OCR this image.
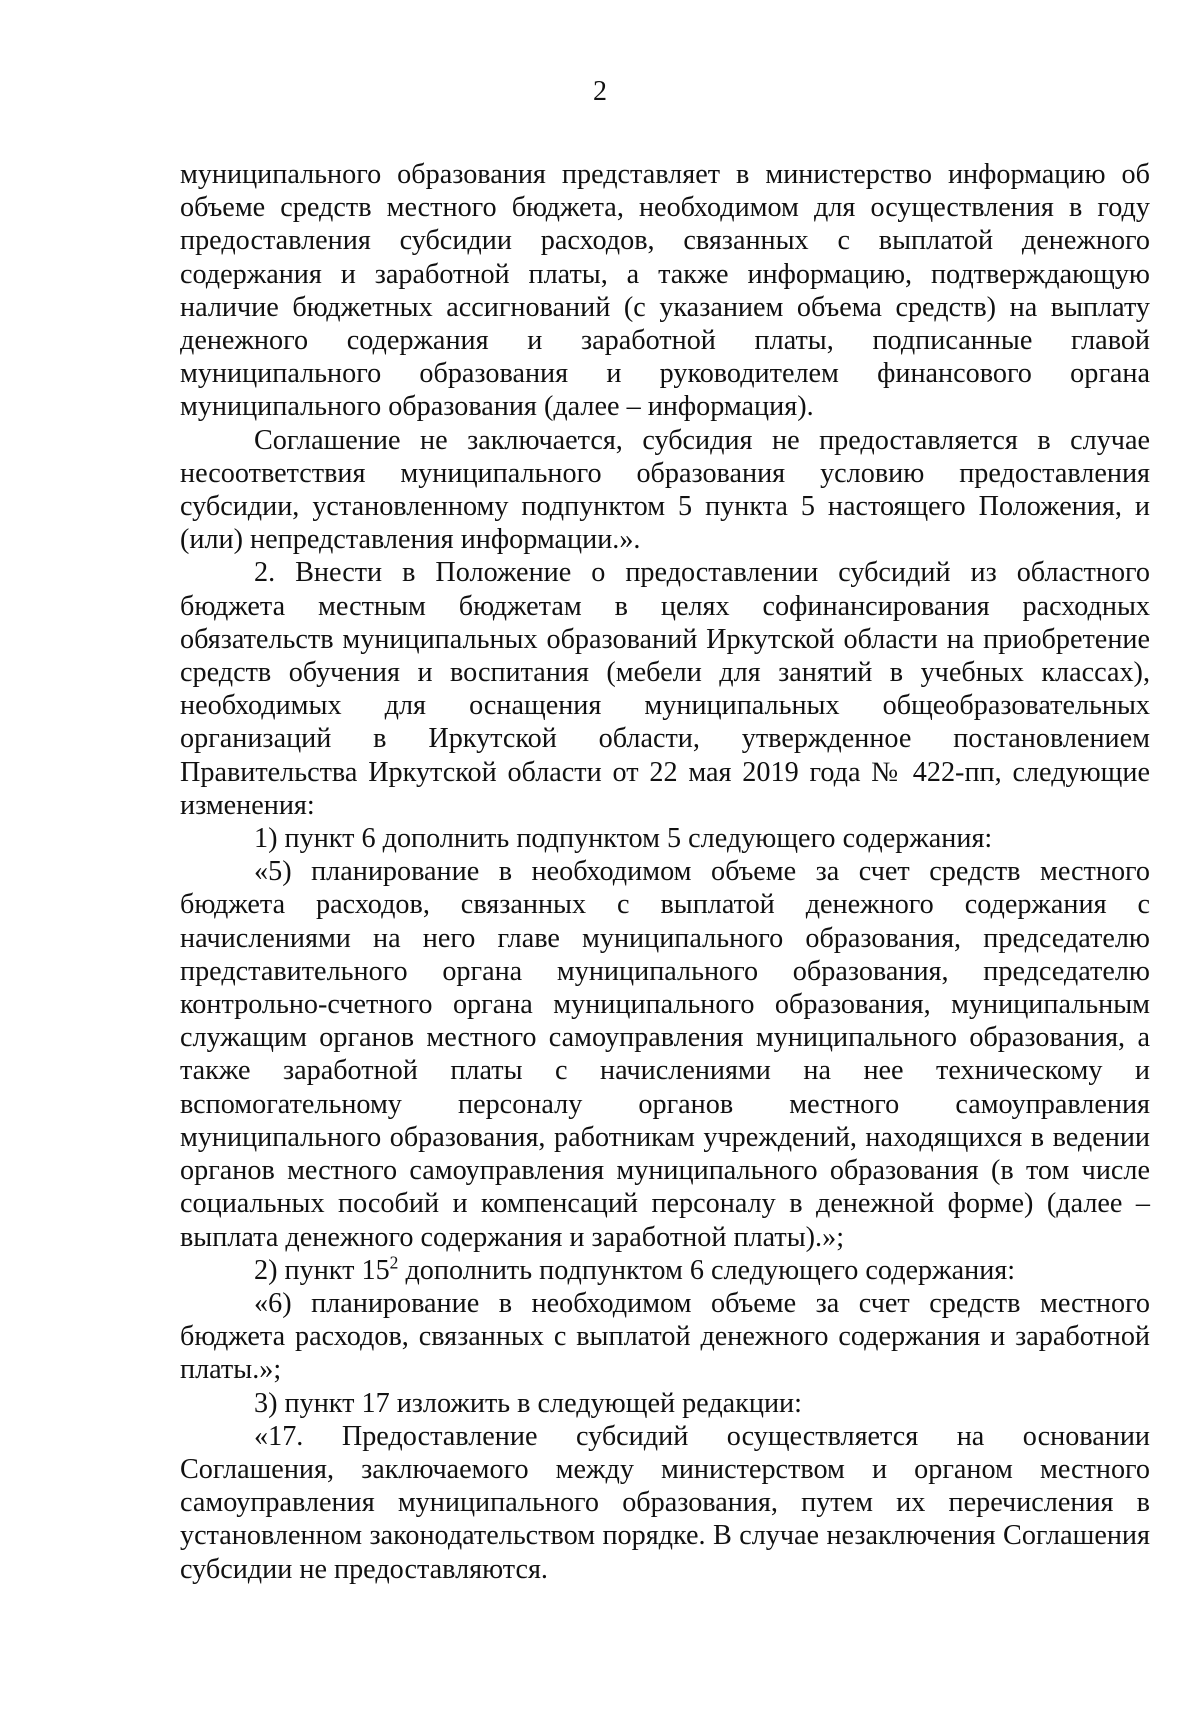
2

муниципального образования представляет в министерство информацию об объеме средств местного бюджета, необходимом для осуществления в году предоставления субсидии расходов, связанных с выплатой денежного содержания и заработной платы, а также информацию, подтверждающую наличие бюджетных ассигнований (с указанием объема средств) на выплату денежного содержания и заработной платы, подписанные главой муниципального образования и руководителем финансового органа муниципального образования (далее – информация).

Соглашение не заключается, субсидия не предоставляется в случае несоответствия муниципального образования условию предоставления субсидии, установленному подпунктом 5 пункта 5 настоящего Положения, и (или) непредставления информации.».

2. Внести в Положение о предоставлении субсидий из областного бюджета местным бюджетам в целях софинансирования расходных обязательств муниципальных образований Иркутской области на приобретение средств обучения и воспитания (мебели для занятий в учебных классах), необходимых для оснащения муниципальных общеобразовательных организаций в Иркутской области, утвержденное постановлением Правительства Иркутской области от 22 мая 2019 года № 422-пп, следующие изменения:

1) пункт 6 дополнить подпунктом 5 следующего содержания:

«5) планирование в необходимом объеме за счет средств местного бюджета расходов, связанных с выплатой денежного содержания с начислениями на него главе муниципального образования, председателю представительного органа муниципального образования, председателю контрольно-счетного органа муниципального образования, муниципальным служащим органов местного самоуправления муниципального образования, а также заработной платы с начислениями на нее техническому и вспомогательному персоналу органов местного самоуправления муниципального образования, работникам учреждений, находящихся в ведении органов местного самоуправления муниципального образования (в том числе социальных пособий и компенсаций персоналу в денежной форме) (далее – выплата денежного содержания и заработной платы).»;

2) пункт $15^2$ дополнить подпунктом 6 следующего содержания:

«6) планирование в необходимом объеме за счет средств местного бюджета расходов, связанных с выплатой денежного содержания и заработной платы.»;

3) пункт 17 изложить в следующей редакции:

«17. Предоставление субсидий осуществляется на основании Соглашения, заключаемого между министерством и органом местного самоуправления муниципального образования, путем их перечисления в установленном законодательством порядке. В случае незаключения Соглашения субсидии не предоставляются.
